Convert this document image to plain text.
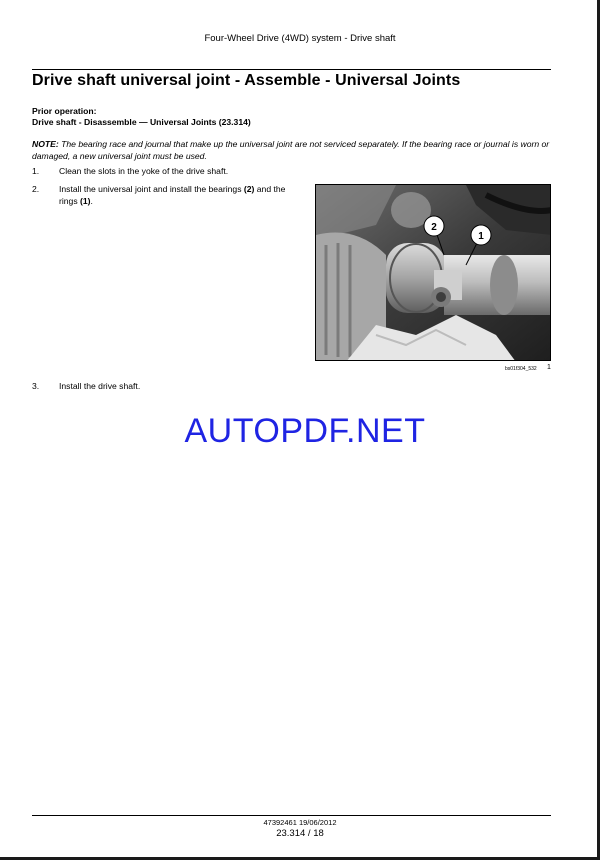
Four-Wheel Drive (4WD) system - Drive shaft
Drive shaft universal joint - Assemble - Universal Joints
Prior operation:
Drive shaft - Disassemble — Universal Joints (23.314)
NOTE: The bearing race and journal that make up the universal joint are not serviced separately. If the bearing race or journal is worn or damaged, a new universal joint must be used.
1. Clean the slots in the yoke of the drive shaft.
2. Install the universal joint and install the bearings (2) and the rings (1).
2
1
bs01f304_532 1
3. Install the drive shaft.
AUTOPDF.NET
47392461 19/06/2012
23.314 / 18
